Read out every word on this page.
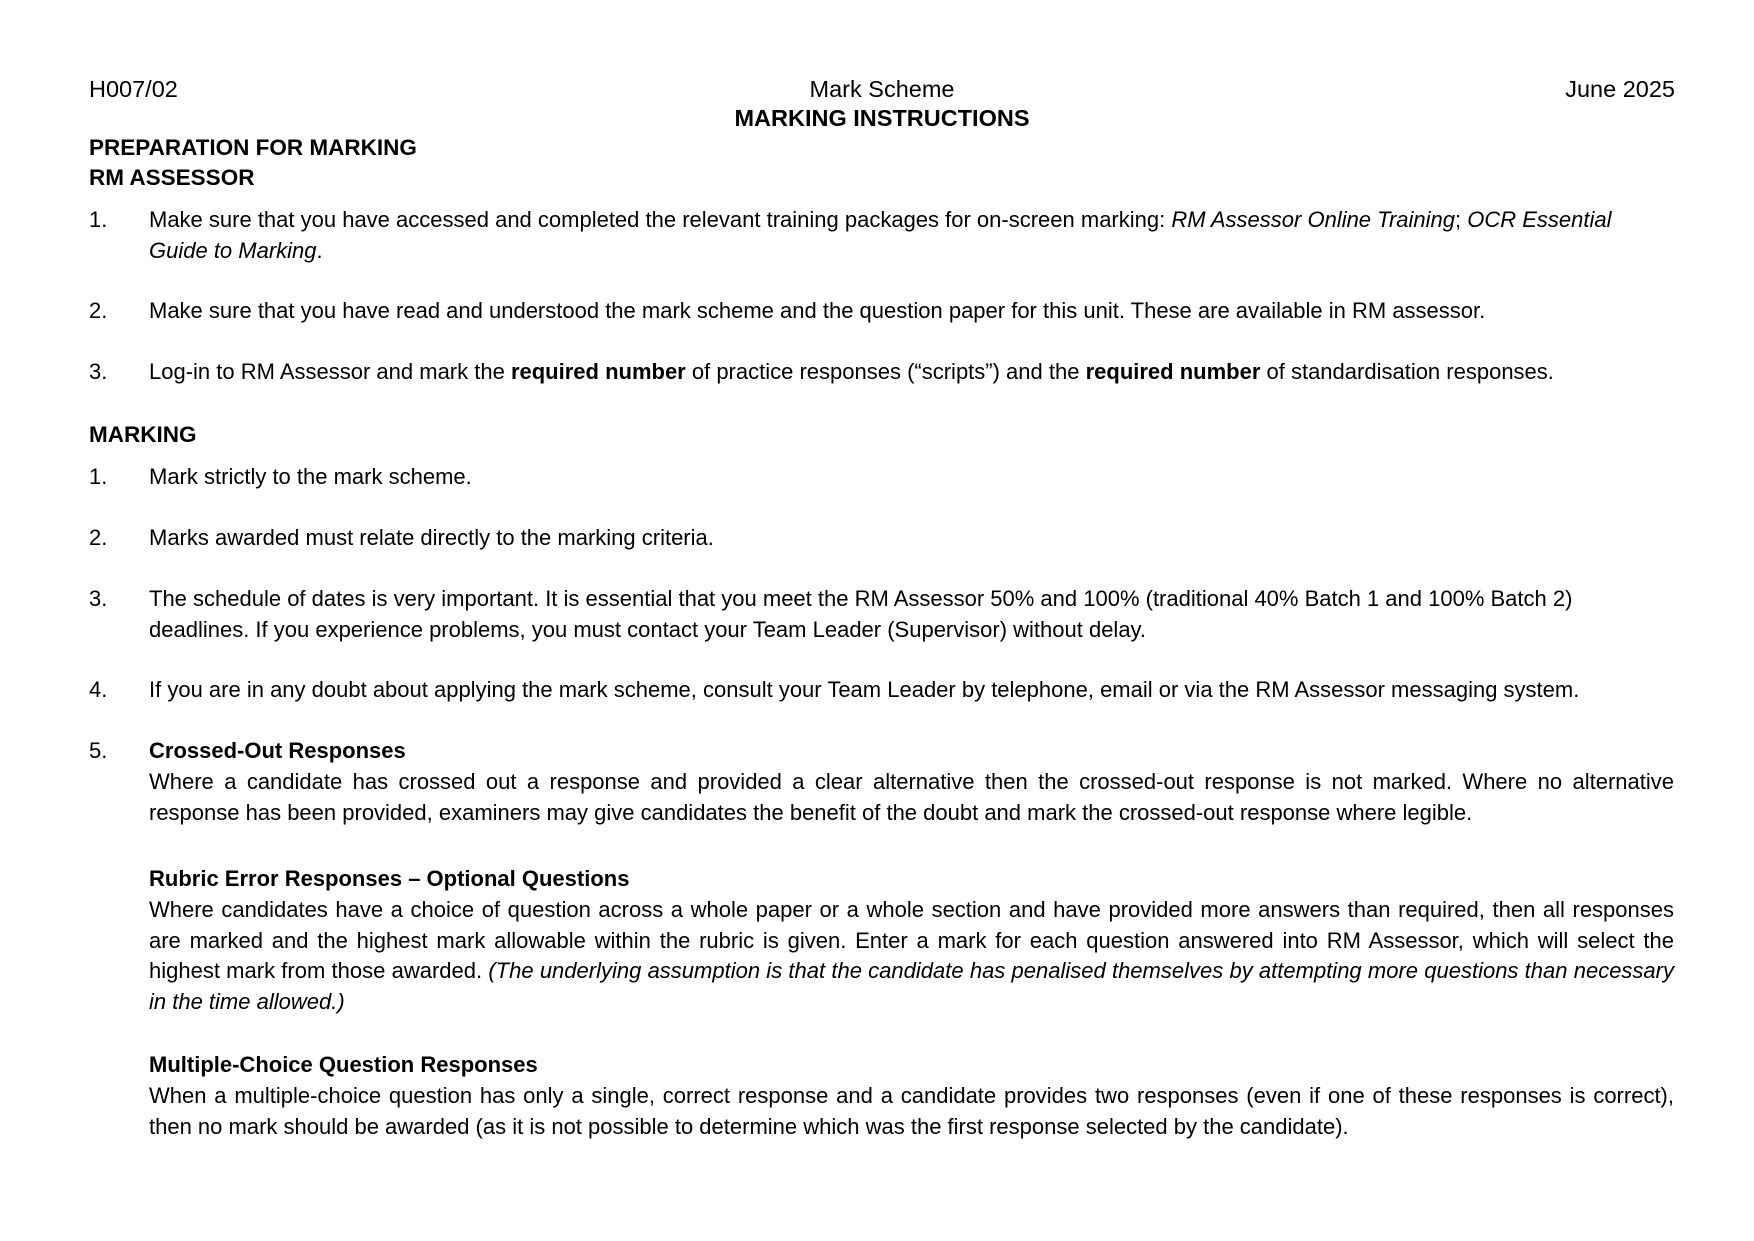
H007/02	Mark Scheme	June 2025
MARKING INSTRUCTIONS
PREPARATION FOR MARKING
RM ASSESSOR
1. Make sure that you have accessed and completed the relevant training packages for on-screen marking: RM Assessor Online Training; OCR Essential Guide to Marking.
2. Make sure that you have read and understood the mark scheme and the question paper for this unit. These are available in RM assessor.
3. Log-in to RM Assessor and mark the required number of practice responses (“scripts”) and the required number of standardisation responses.
MARKING
1. Mark strictly to the mark scheme.
2. Marks awarded must relate directly to the marking criteria.
3. The schedule of dates is very important. It is essential that you meet the RM Assessor 50% and 100% (traditional 40% Batch 1 and 100% Batch 2) deadlines. If you experience problems, you must contact your Team Leader (Supervisor) without delay.
4. If you are in any doubt about applying the mark scheme, consult your Team Leader by telephone, email or via the RM Assessor messaging system.
5. Crossed-Out Responses
Where a candidate has crossed out a response and provided a clear alternative then the crossed-out response is not marked. Where no alternative response has been provided, examiners may give candidates the benefit of the doubt and mark the crossed-out response where legible.
Rubric Error Responses – Optional Questions
Where candidates have a choice of question across a whole paper or a whole section and have provided more answers than required, then all responses are marked and the highest mark allowable within the rubric is given. Enter a mark for each question answered into RM Assessor, which will select the highest mark from those awarded. (The underlying assumption is that the candidate has penalised themselves by attempting more questions than necessary in the time allowed.)
Multiple-Choice Question Responses
When a multiple-choice question has only a single, correct response and a candidate provides two responses (even if one of these responses is correct), then no mark should be awarded (as it is not possible to determine which was the first response selected by the candidate).
